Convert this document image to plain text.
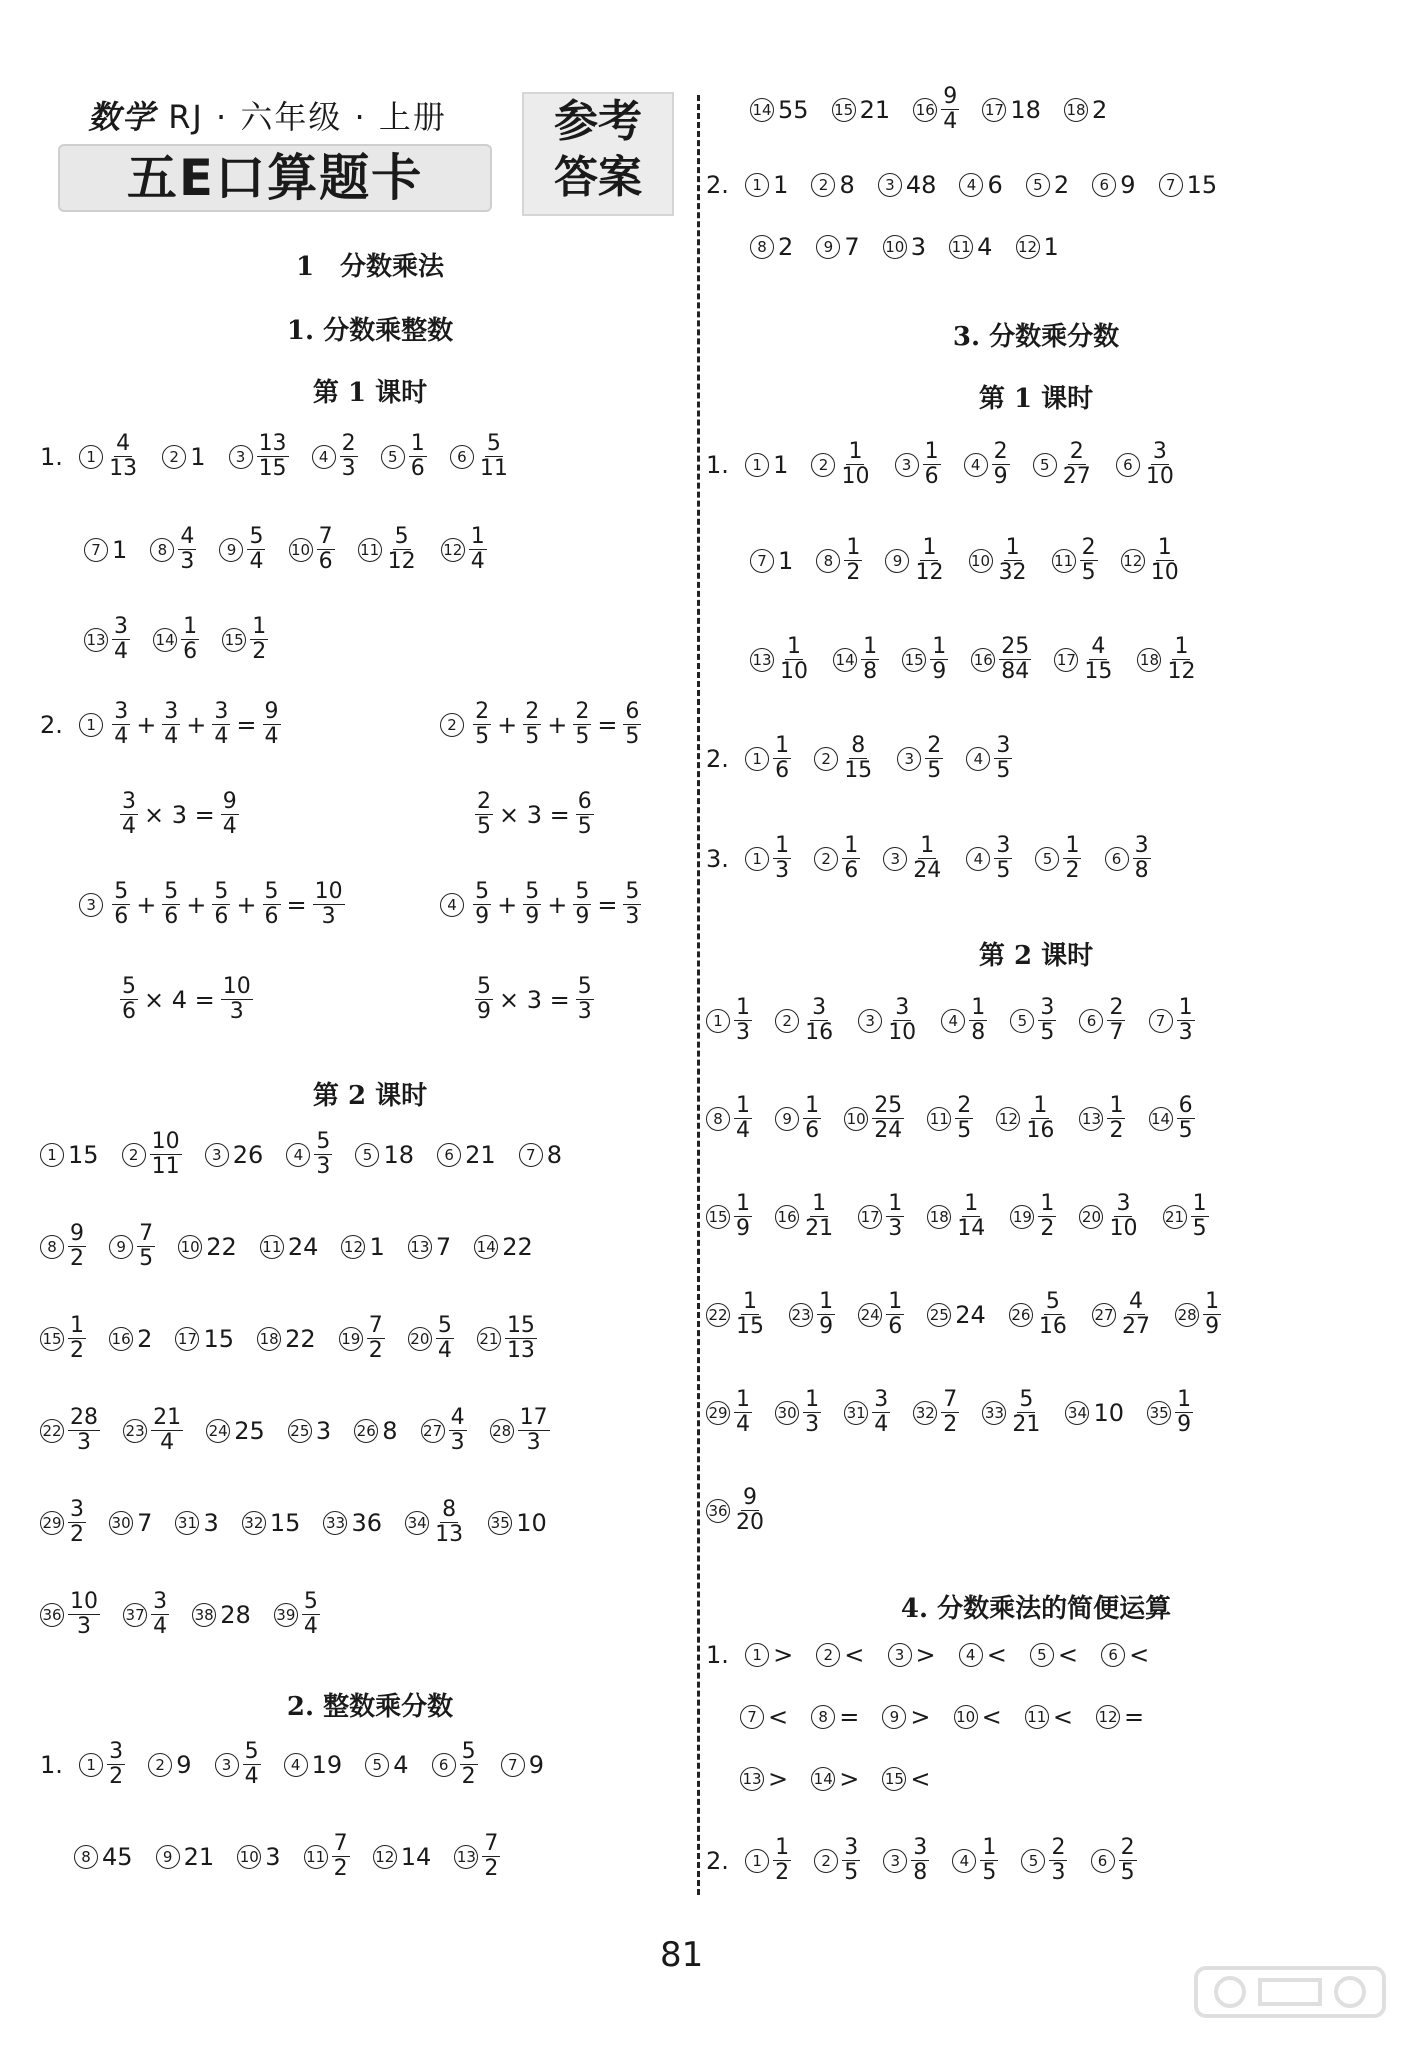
数学 RJ · 六年级 · 上册
五E口算题卡
参考
答案
1　分数乘法
1. 分数乘整数
第 1 课时
1. $1 \frac{4}{13} 2$ 1 $3 \frac{13}{15} 4 \frac{2}{3} 5 \frac{1}{6} 6 \frac{5}{11}$
7 1 $8 \frac{4}{3} 9 \frac{5}{4} 10 \frac{7}{6} 11 \frac{5}{12} 12 \frac{1}{4}$
$13 \frac{3}{4} 14 \frac{1}{6} 15 \frac{1}{2}$
2. $1 \frac{3}{4} + \frac{3}{4} + \frac{3}{4} = \frac{9}{4}$	$2 \frac{2}{5} + \frac{2}{5} + \frac{2}{5} = \frac{6}{5}$
$\frac{3}{4} \times 3 = \frac{9}{4}$	$\frac{2}{5} \times 3 = \frac{6}{5}$
$3 \frac{5}{6} + \frac{5}{6} + \frac{5}{6} + \frac{5}{6} = \frac{10}{3}$	$4 \frac{5}{9} + \frac{5}{9} + \frac{5}{9} = \frac{5}{3}$
$\frac{5}{6} \times 4 = \frac{10}{3}$	$\frac{5}{9} \times 3 = \frac{5}{3}$
第 2 课时
1 15 $2 \frac{10}{11} 3$ 26 $4 \frac{5}{3} 5$ 18 6 21 7 8
$8 \frac{9}{2} 9 \frac{7}{5} 10$ 22 11 24 12 1 13 7 14 22
$15 \frac{1}{2} 16$ 2 17 15 18 22 $19 \frac{7}{2} 20 \frac{5}{4} 21 \frac{15}{13}$
$22 \frac{28}{3} 23 \frac{21}{4} 24$ 25 25 3 26 8 $27 \frac{4}{3} 28 \frac{17}{3}$
$29 \frac{3}{2} 30$ 7 31 3 32 15 33 36 $34 \frac{8}{13} 35$ 10
$36 \frac{10}{3} 37 \frac{3}{4} 38$ 28 $39 \frac{5}{4}$
2. 整数乘分数
1. $1 \frac{3}{2} 2$ 9 $3 \frac{5}{4} 4$ 19 5 4 $6 \frac{5}{2} 7$ 9
8 45 9 21 10 3 $11 \frac{7}{2} 12$ 14 $13 \frac{7}{2}$
14 55 15 21 $16 \frac{9}{4} 17$ 18 18 2
2. 1 1 2 8 3 48 4 6 5 2 6 9 7 15
8 2 9 7 10 3 11 4 12 1
3. 分数乘分数
第 1 课时
1. 1 1 $2 \frac{1}{10} 3 \frac{1}{6} 4 \frac{2}{9} 5 \frac{2}{27} 6 \frac{3}{10}$
7 1 $8 \frac{1}{2} 9 \frac{1}{12} 10 \frac{1}{32} 11 \frac{2}{5} 12 \frac{1}{10}$
$13 \frac{1}{10} 14 \frac{1}{8} 15 \frac{1}{9} 16 \frac{25}{84} 17 \frac{4}{15} 18 \frac{1}{12}$
2. $1 \frac{1}{6} 2 \frac{8}{15} 3 \frac{2}{5} 4 \frac{3}{5}$
3. $1 \frac{1}{3} 2 \frac{1}{6} 3 \frac{1}{24} 4 \frac{3}{5} 5 \frac{1}{2} 6 \frac{3}{8}$
第 2 课时
$1 \frac{1}{3} 2 \frac{3}{16} 3 \frac{3}{10} 4 \frac{1}{8} 5 \frac{3}{5} 6 \frac{2}{7} 7 \frac{1}{3}$
$8 \frac{1}{4} 9 \frac{1}{6} 10 \frac{25}{24} 11 \frac{2}{5} 12 \frac{1}{16} 13 \frac{1}{2} 14 \frac{6}{5}$
$15 \frac{1}{9} 16 \frac{1}{21} 17 \frac{1}{3} 18 \frac{1}{14} 19 \frac{1}{2} 20 \frac{3}{10} 21 \frac{1}{5}$
$22 \frac{1}{15} 23 \frac{1}{9} 24 \frac{1}{6} 25$ 24 $26 \frac{5}{16} 27 \frac{4}{27} 28 \frac{1}{9}$
$29 \frac{1}{4} 30 \frac{1}{3} 31 \frac{3}{4} 32 \frac{7}{2} 33 \frac{5}{21} 34$ 10 $35 \frac{1}{9}$
$36 \frac{9}{20}$
4. 分数乘法的简便运算
1. 1 > 2 < 3 > 4 < 5 < 6 <
7 < 8 = 9 > 10 < 11 < 12 =
13 > 14 > 15 <
2. $1 \frac{1}{2} 2 \frac{3}{5} 3 \frac{3}{8} 4 \frac{1}{5} 5 \frac{2}{3} 6 \frac{2}{5}$
81
